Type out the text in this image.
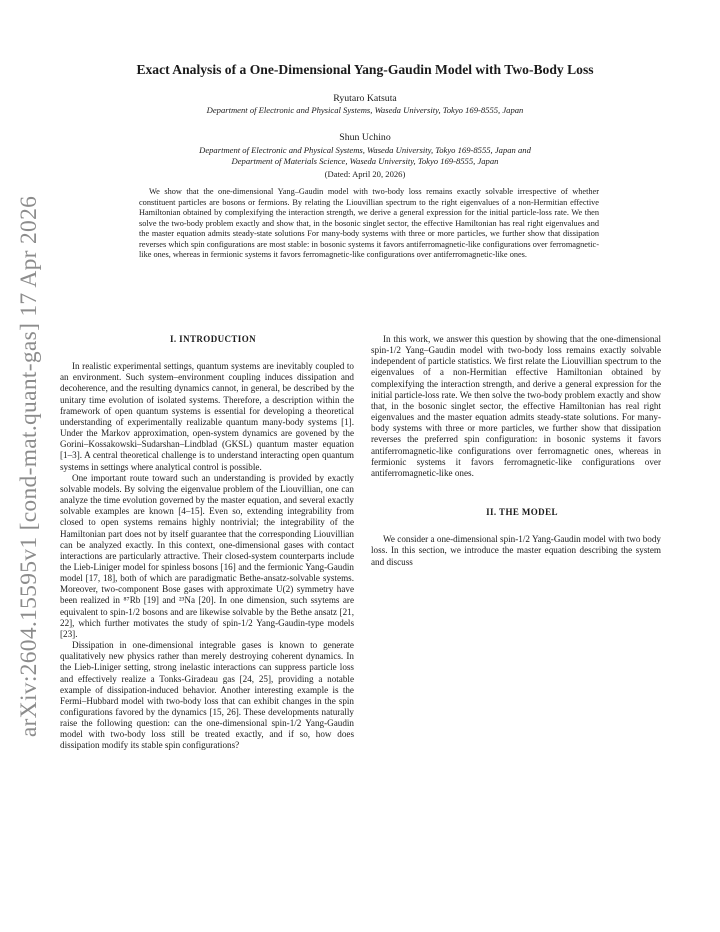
arXiv:2604.15595v1 [cond-mat.quant-gas] 17 Apr 2026
Exact Analysis of a One-Dimensional Yang-Gaudin Model with Two-Body Loss
Ryutaro Katsuta
Department of Electronic and Physical Systems, Waseda University, Tokyo 169-8555, Japan
Shun Uchino
Department of Electronic and Physical Systems, Waseda University, Tokyo 169-8555, Japan and
Department of Materials Science, Waseda University, Tokyo 169-8555, Japan
(Dated: April 20, 2026)

We show that the one-dimensional Yang–Gaudin model with two-body loss remains exactly solvable irrespective of whether constituent particles are bosons or fermions. By relating the Liouvillian spectrum to the right eigenvalues of a non-Hermitian effective Hamiltonian obtained by complexifying the interaction strength, we derive a general expression for the initial particle-loss rate. We then solve the two-body problem exactly and show that, in the bosonic singlet sector, the effective Hamiltonian has real right eigenvalues and the master equation admits steady-state solutions For many-body systems with three or more particles, we further show that dissipation reverses which spin configurations are most stable: in bosonic systems it favors antiferromagnetic-like configurations over ferromagnetic-like ones, whereas in fermionic systems it favors ferromagnetic-like configurations over antiferromagnetic-like ones.

I. INTRODUCTION

In realistic experimental settings, quantum systems are inevitably coupled to an environment. Such system–environment coupling induces dissipation and decoherence, and the resulting dynamics cannot, in general, be described by the unitary time evolution of isolated systems. Therefore, a description within the framework of open quantum systems is essential for developing a theoretical understanding of experimentally realizable quantum many-body systems [1]. Under the Markov approximation, open-system dynamics are govened by the Gorini–Kossakowski–Sudarshan–Lindblad (GKSL) quantum master equation [1–3]. A central theoretical challenge is to understand interacting open quantum systems in settings where analytical control is possible.

One important route toward such an understanding is provided by exactly solvable models. By solving the eigenvalue problem of the Liouvillian, one can analyze the time evolution governed by the master equation, and several exactly solvable examples are known [4–15]. Even so, extending integrability from closed to open systems remains highly nontrivial; the integrability of the Hamiltonian part does not by itself guarantee that the corresponding Liouvillian can be analyzed exactly. In this context, one-dimensional gases with contact interactions are particularly attractive. Their closed-system counterparts include the Lieb-Liniger model for spinless bosons [16] and the fermionic Yang-Gaudin model [17, 18], both of which are paradigmatic Bethe-ansatz-solvable systems. Moreover, two-component Bose gases with approximate U(2) symmetry have been realized in ⁸⁷Rb [19] and ²³Na [20]. In one dimension, such ssytems are equivalent to spin-1/2 bosons and are likewise solvable by the Bethe ansatz [21, 22], which further motivates the study of spin-1/2 Yang-Gaudin-type models [23].

Dissipation in one-dimensional integrable gases is known to generate qualitatively new physics rather than merely destroying coherent dynamics. In the Lieb-Liniger setting, strong inelastic interactions can suppress particle loss and effectively realize a Tonks-Giradeau gas [24, 25], providing a notable example of dissipation-induced behavior. Another interesting example is the Fermi–Hubbard model with two-body loss that can exhibit changes in the spin configurations favored by the dynamics [15, 26]. These developments naturally raise the following question: can the one-dimensional spin-1/2 Yang-Gaudin model with two-body loss still be treated exactly, and if so, how does dissipation modify its stable spin configurations?

In this work, we answer this question by showing that the one-dimensional spin-1/2 Yang–Gaudin model with two-body loss remains exactly solvable independent of particle statistics. We first relate the Liouvillian spectrum to the eigenvalues of a non-Hermitian effective Hamiltonian obtained by complexifying the interaction strength, and derive a general expression for the initial particle-loss rate. We then solve the two-body problem exactly and show that, in the bosonic singlet sector, the effective Hamiltonian has real right eigenvalues and the master equation admits steady-state solutions. For many-body systems with three or more particles, we further show that dissipation reverses the preferred spin configuration: in bosonic systems it favors antiferromagnetic-like configurations over ferromagnetic ones, whereas in fermionic systems it favors ferromagnetic-like configurations over antiferromagnetic-like ones.

II. THE MODEL

We consider a one-dimensional spin-1/2 Yang-Gaudin model with two body loss. In this section, we introduce the master equation describing the system and discuss
